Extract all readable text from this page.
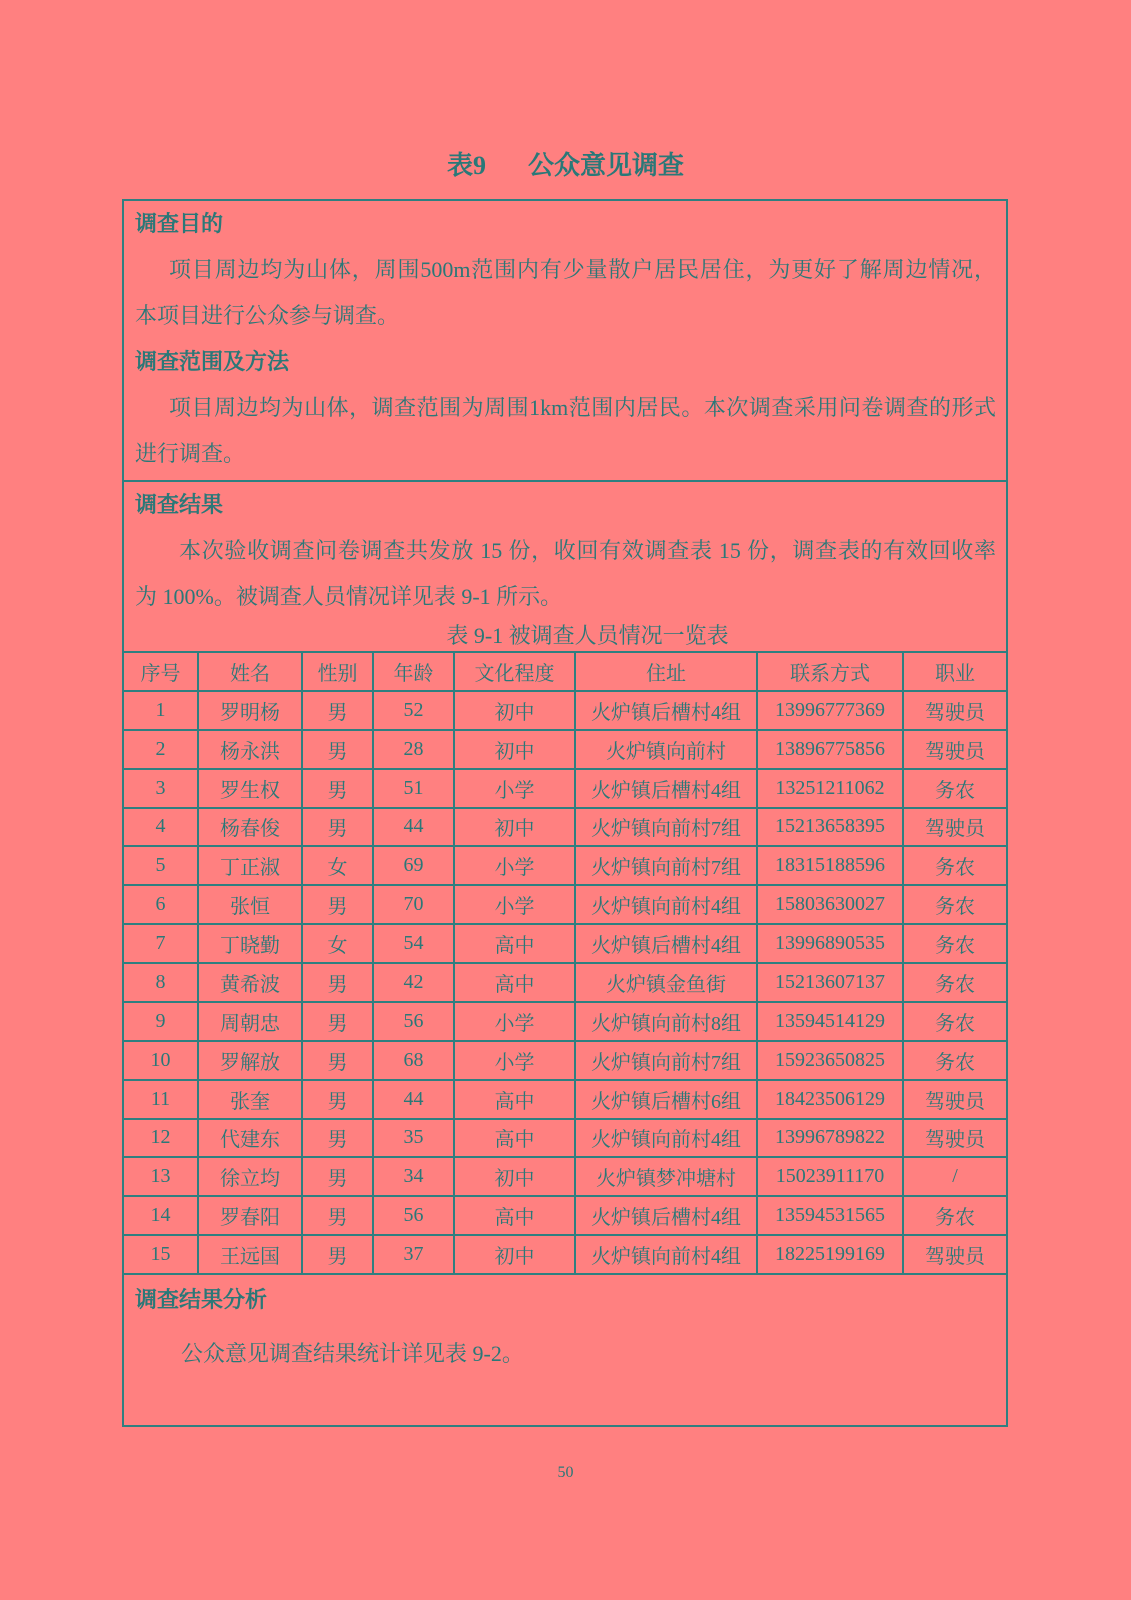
表9 公众意见调查
调查目的
项目周边均为山体，周围500m范围内有少量散户居民居住，为更好了解周边情况，
本项目进行公众参与调查。
调查范围及方法
项目周边均为山体，调查范围为周围1km范围内居民。本次调查采用问卷调查的形式
进行调查。
调查结果
本次验收调查问卷调查共发放 15 份，收回有效调查表 15 份，调查表的有效回收率
为 100%。被调查人员情况详见表 9-1 所示。
表 9-1 被调查人员情况一览表
序号	姓名	性别	年龄	文化程度	住址	联系方式	职业
1	罗明杨	男	52	初中	火炉镇后槽村4组	13996777369	驾驶员
2	杨永洪	男	28	初中	火炉镇向前村	13896775856	驾驶员
3	罗生权	男	51	小学	火炉镇后槽村4组	13251211062	务农
4	杨春俊	男	44	初中	火炉镇向前村7组	15213658395	驾驶员
5	丁正淑	女	69	小学	火炉镇向前村7组	18315188596	务农
6	张恒	男	70	小学	火炉镇向前村4组	15803630027	务农
7	丁晓勤	女	54	高中	火炉镇后槽村4组	13996890535	务农
8	黄希波	男	42	高中	火炉镇金鱼街	15213607137	务农
9	周朝忠	男	56	小学	火炉镇向前村8组	13594514129	务农
10	罗解放	男	68	小学	火炉镇向前村7组	15923650825	务农
11	张奎	男	44	高中	火炉镇后槽村6组	18423506129	驾驶员
12	代建东	男	35	高中	火炉镇向前村4组	13996789822	驾驶员
13	徐立均	男	34	初中	火炉镇梦冲塘村	15023911170	/
14	罗春阳	男	56	高中	火炉镇后槽村4组	13594531565	务农
15	王远国	男	37	初中	火炉镇向前村4组	18225199169	驾驶员
调查结果分析
公众意见调查结果统计详见表 9-2。
50
